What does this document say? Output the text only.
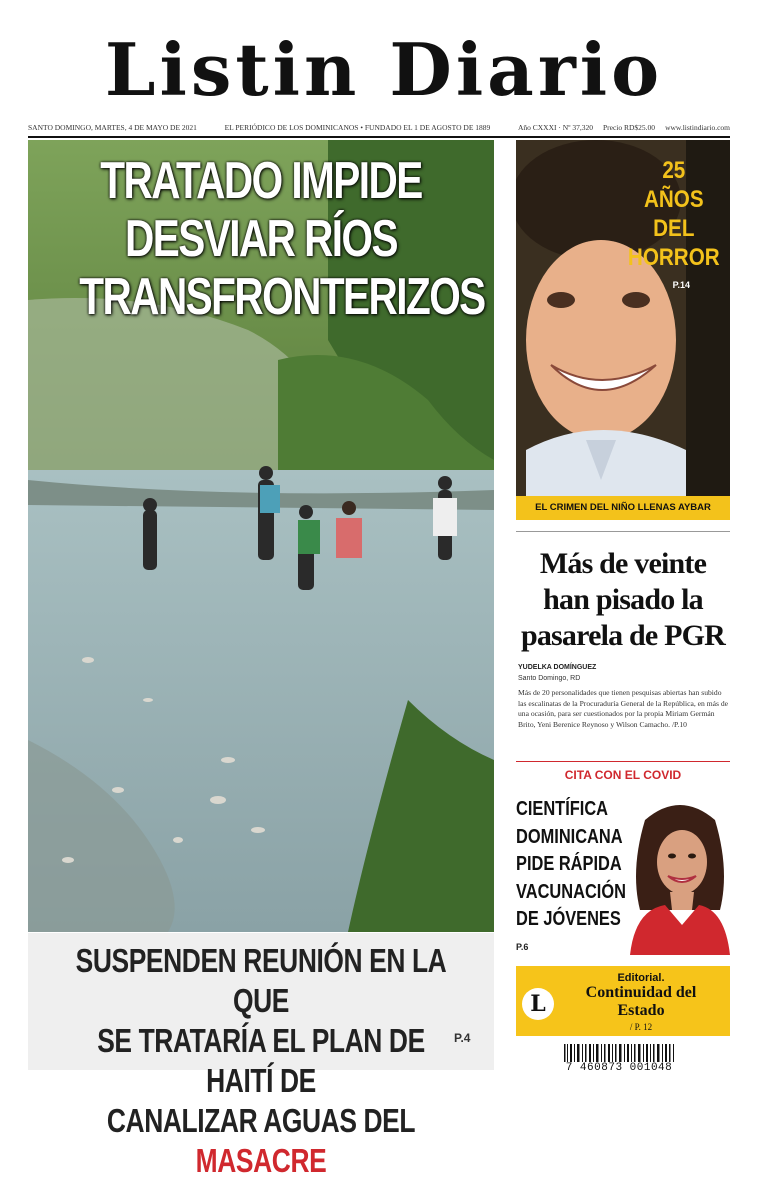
Listin Diario
SANTO DOMINGO, MARTES, 4 DE MAYO DE 2021	EL PERIÓDICO DE LOS DOMINICANOS • FUNDADO EL 1 DE AGOSTO DE 1889	Año CXXXI · Nº 37,320 Precio RD$25.00 www.listindiario.com
TRATADO IMPIDE
DESVIAR RÍOS
TRANSFRONTERIZOS
SUSPENDEN REUNIÓN EN LA QUE
SE TRATARÍA EL PLAN DE HAITÍ DE
CANALIZAR AGUAS DEL MASACRE
P.4
25
AÑOS
DEL
HORROR
P.14
EL CRIMEN DEL NIÑO LLENAS AYBAR
Más de veinte
han pisado la
pasarela de PGR
YUDELKA DOMÍNGUEZ
Santo Domingo, RD
Más de 20 personalidades que tienen pesquisas abiertas han subido las escalinatas de la Procuraduría General de la República, en más de una ocasión, para ser cuestionados por la propia Miriam Germán Brito, Yeni Berenice Reynoso y Wilson Camacho. /P.10
CITA CON EL COVID
CIENTÍFICA
DOMINICANA
PIDE RÁPIDA
VACUNACIÓN
DE JÓVENES
P.6
L
Editorial.
Continuidad del
Estado
/ P. 12
7 460873 001048
